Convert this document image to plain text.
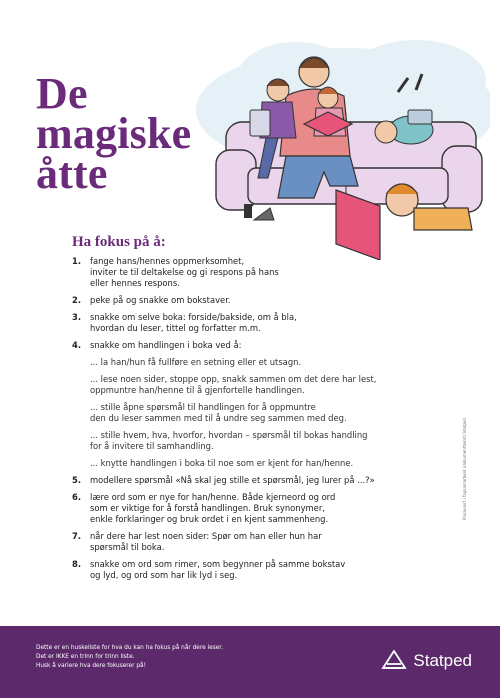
De
magiske
åtte
Ha fokus på å:
1. fange hans/hennes oppmerksomhet,
inviter te til deltakelse og gi respons på hans
eller hennes respons.
2. peke på og snakke om bokstaver.
3. snakke om selve boka: forside/bakside, om å bla,
hvordan du leser, tittel og forfatter m.m.
4. snakke om handlingen i boka ved å:
... la han/hun få fullføre en setning eller et utsagn.
... lese noen sider, stoppe opp, snakk sammen om det dere har lest,
oppmuntre han/henne til å gjenfortelle handlingen.
... stille åpne spørsmål til handlingen for å oppmuntre
den du leser sammen med til å undre seg sammen med deg.
... stille hvem, hva, hvorfor, hvordan – spørsmål til bokas handling
for å invitere til samhandling.
... knytte handlingen i boka til noe som er kjent for han/henne.
5. modellere spørsmål «Nå skal jeg stille et spørsmål, jeg lurer på ...?»
6. lære ord som er nye for han/henne. Både kjerneord og ord
som er viktige for å forstå handlingen. Bruk synonymer,
enkle forklaringer og bruk ordet i en kjent sammenheng.
7. når dere har lest noen sider: Spør om han eller hun har
spørsmål til boka.
8. snakke om ord som rimer, som begynner på samme bokstav
og lyd, og ord som har lik lyd i seg.
Produsert i fagsamarbeid (dokumenttekst) Statped
Dette er en huskeliste for hva du kan ha fokus på når dere leser.
Det er IKKE en trinn for trinn liste.
Husk å variere hva dere fokuserer på!	Statped
